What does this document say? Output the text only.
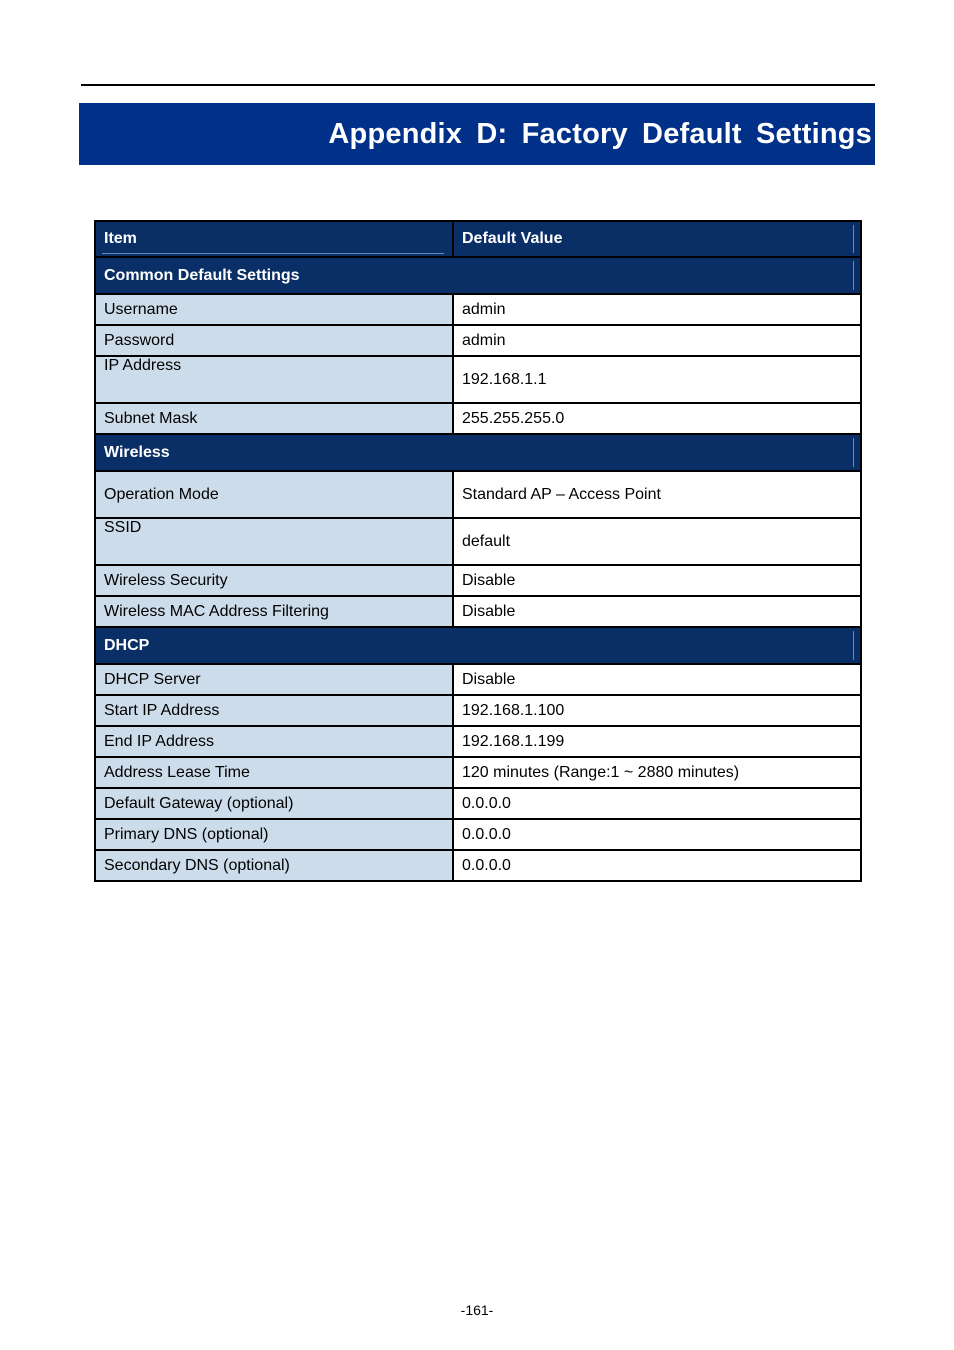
Appendix D: Factory Default Settings
Item	Default Value

Common Default Settings	

Username	admin
Password	admin
IP Address	192.168.1.1
Subnet Mask	255.255.255.0
Wireless	

Operation Mode	Standard AP – Access Point
SSID	default
Wireless Security	Disable
Wireless MAC Address Filtering	Disable
DHCP	

DHCP Server	Disable
Start IP Address	192.168.1.100
End IP Address	192.168.1.199
Address Lease Time	120 minutes (Range:1 ~ 2880 minutes)
Default Gateway (optional)	0.0.0.0
Primary DNS (optional)	0.0.0.0
Secondary DNS (optional)	0.0.0.0
-161-
